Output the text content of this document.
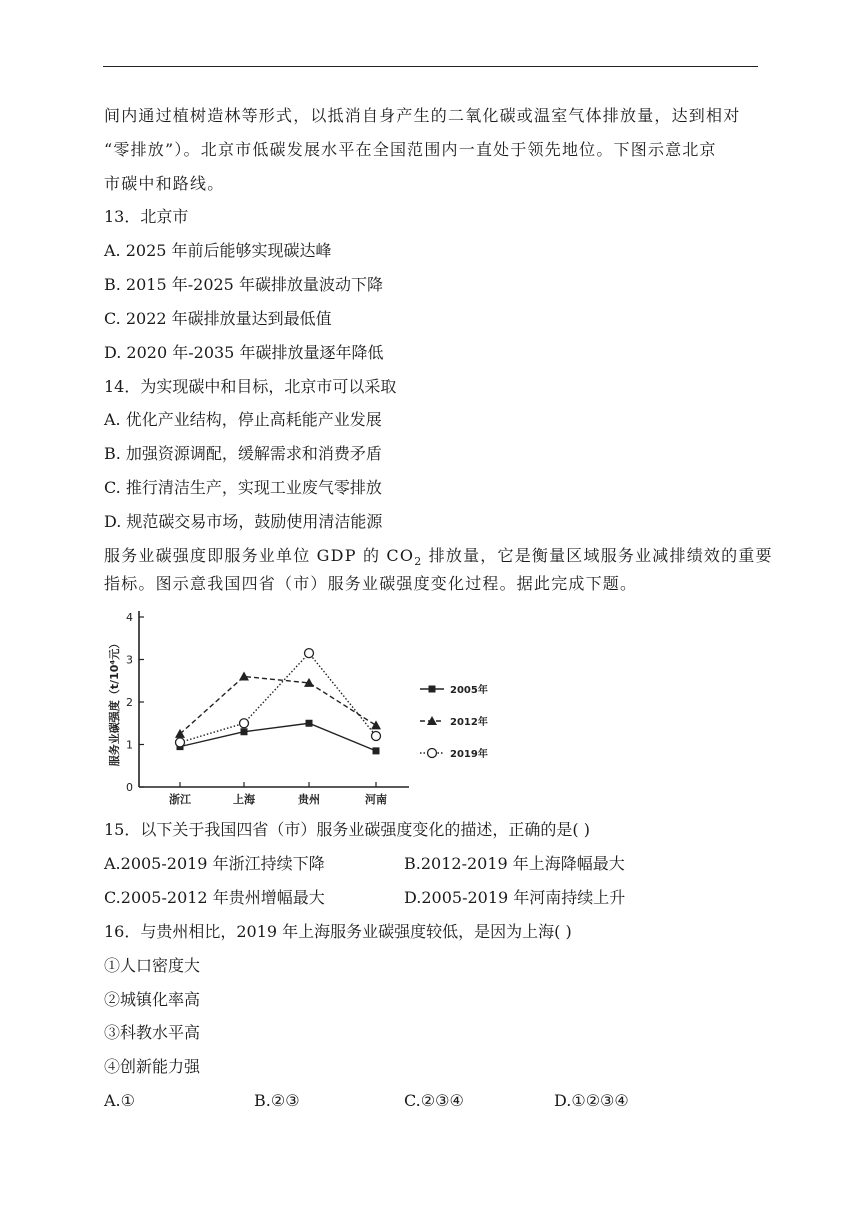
间内通过植树造林等形式，以抵消自身产生的二氧化碳或温室气体排放量，达到相对
“零排放”）。北京市低碳发展水平在全国范围内一直处于领先地位。下图示意北京
市碳中和路线。
13．北京市
A. 2025 年前后能够实现碳达峰
B. 2015 年-2025 年碳排放量波动下降
C. 2022 年碳排放量达到最低值
D. 2020 年-2035 年碳排放量逐年降低
14．为实现碳中和目标，北京市可以采取
A. 优化产业结构，停止高耗能产业发展
B. 加强资源调配，缓解需求和消费矛盾
C. 推行清洁生产，实现工业废气零排放
D. 规范碳交易市场，鼓励使用清洁能源
服务业碳强度即服务业单位 GDP 的 $CO_2$ 排放量，它是衡量区域服务业减排绩效的重要
指标。图示意我国四省（市）服务业碳强度变化过程。据此完成下题。
0
1
2
3
4
浙江	上海	贵州	河南
服务业碳强度（t/10⁴元）	2005年
2012年
2019年
15．以下关于我国四省（市）服务业碳强度变化的描述，正确的是( )
A.2005-2019 年浙江持续下降	B.2012-2019 年上海降幅最大
C.2005-2012 年贵州增幅最大	D.2005-2019 年河南持续上升
16．与贵州相比，2019 年上海服务业碳强度较低，是因为上海( )
①人口密度大
②城镇化率高
③科教水平高
④创新能力强
A.①	B.②③	C.②③④	D.①②③④
